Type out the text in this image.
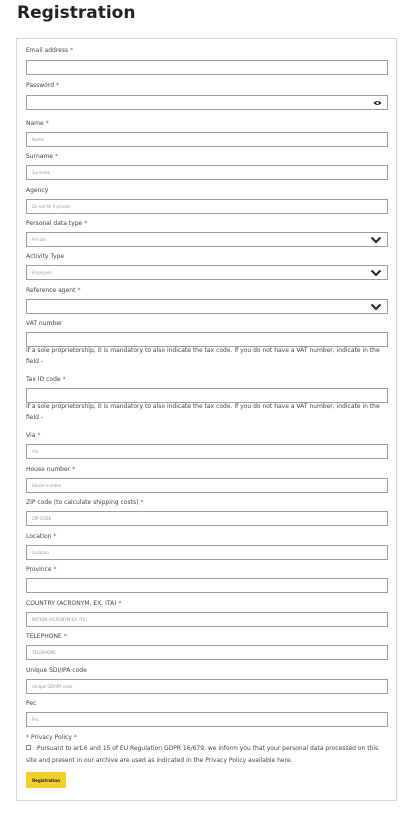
Registration
Email address *
Password *
Name *
Name
Surname *
Surname
Agency
Do not fill if private
Personal data type *
Private
Activity Type
Employee
Reference agent *
VAT number

If a sole proprietorship, it is mandatory to also indicate the tax code. If you do not have a VAT number, indicate in the field -

Tax ID code *

If a sole proprietorship, it is mandatory to also indicate the tax code. If you do not have a VAT number, indicate in the field -

Via *
Via
House number *
House number
ZIP code (to calculate shipping costs) *
ZIP CODE
Location *
Location
Province *
COUNTRY (ACRONYM, EX. ITA) *
NATION (ACRONYM EX. ITA)
TELEPHONE *
TELEPHONE
Unique SDI/IPA code
Unique SDI/IPA code
Pec
Pec
* Privacy Policy *

Pursuant to art.6 and 15 of EU Regulation GDPR 16/679, we inform you that your personal data processed on this site and present in our archive are used as indicated in the Privacy Policy available here.

Registration
